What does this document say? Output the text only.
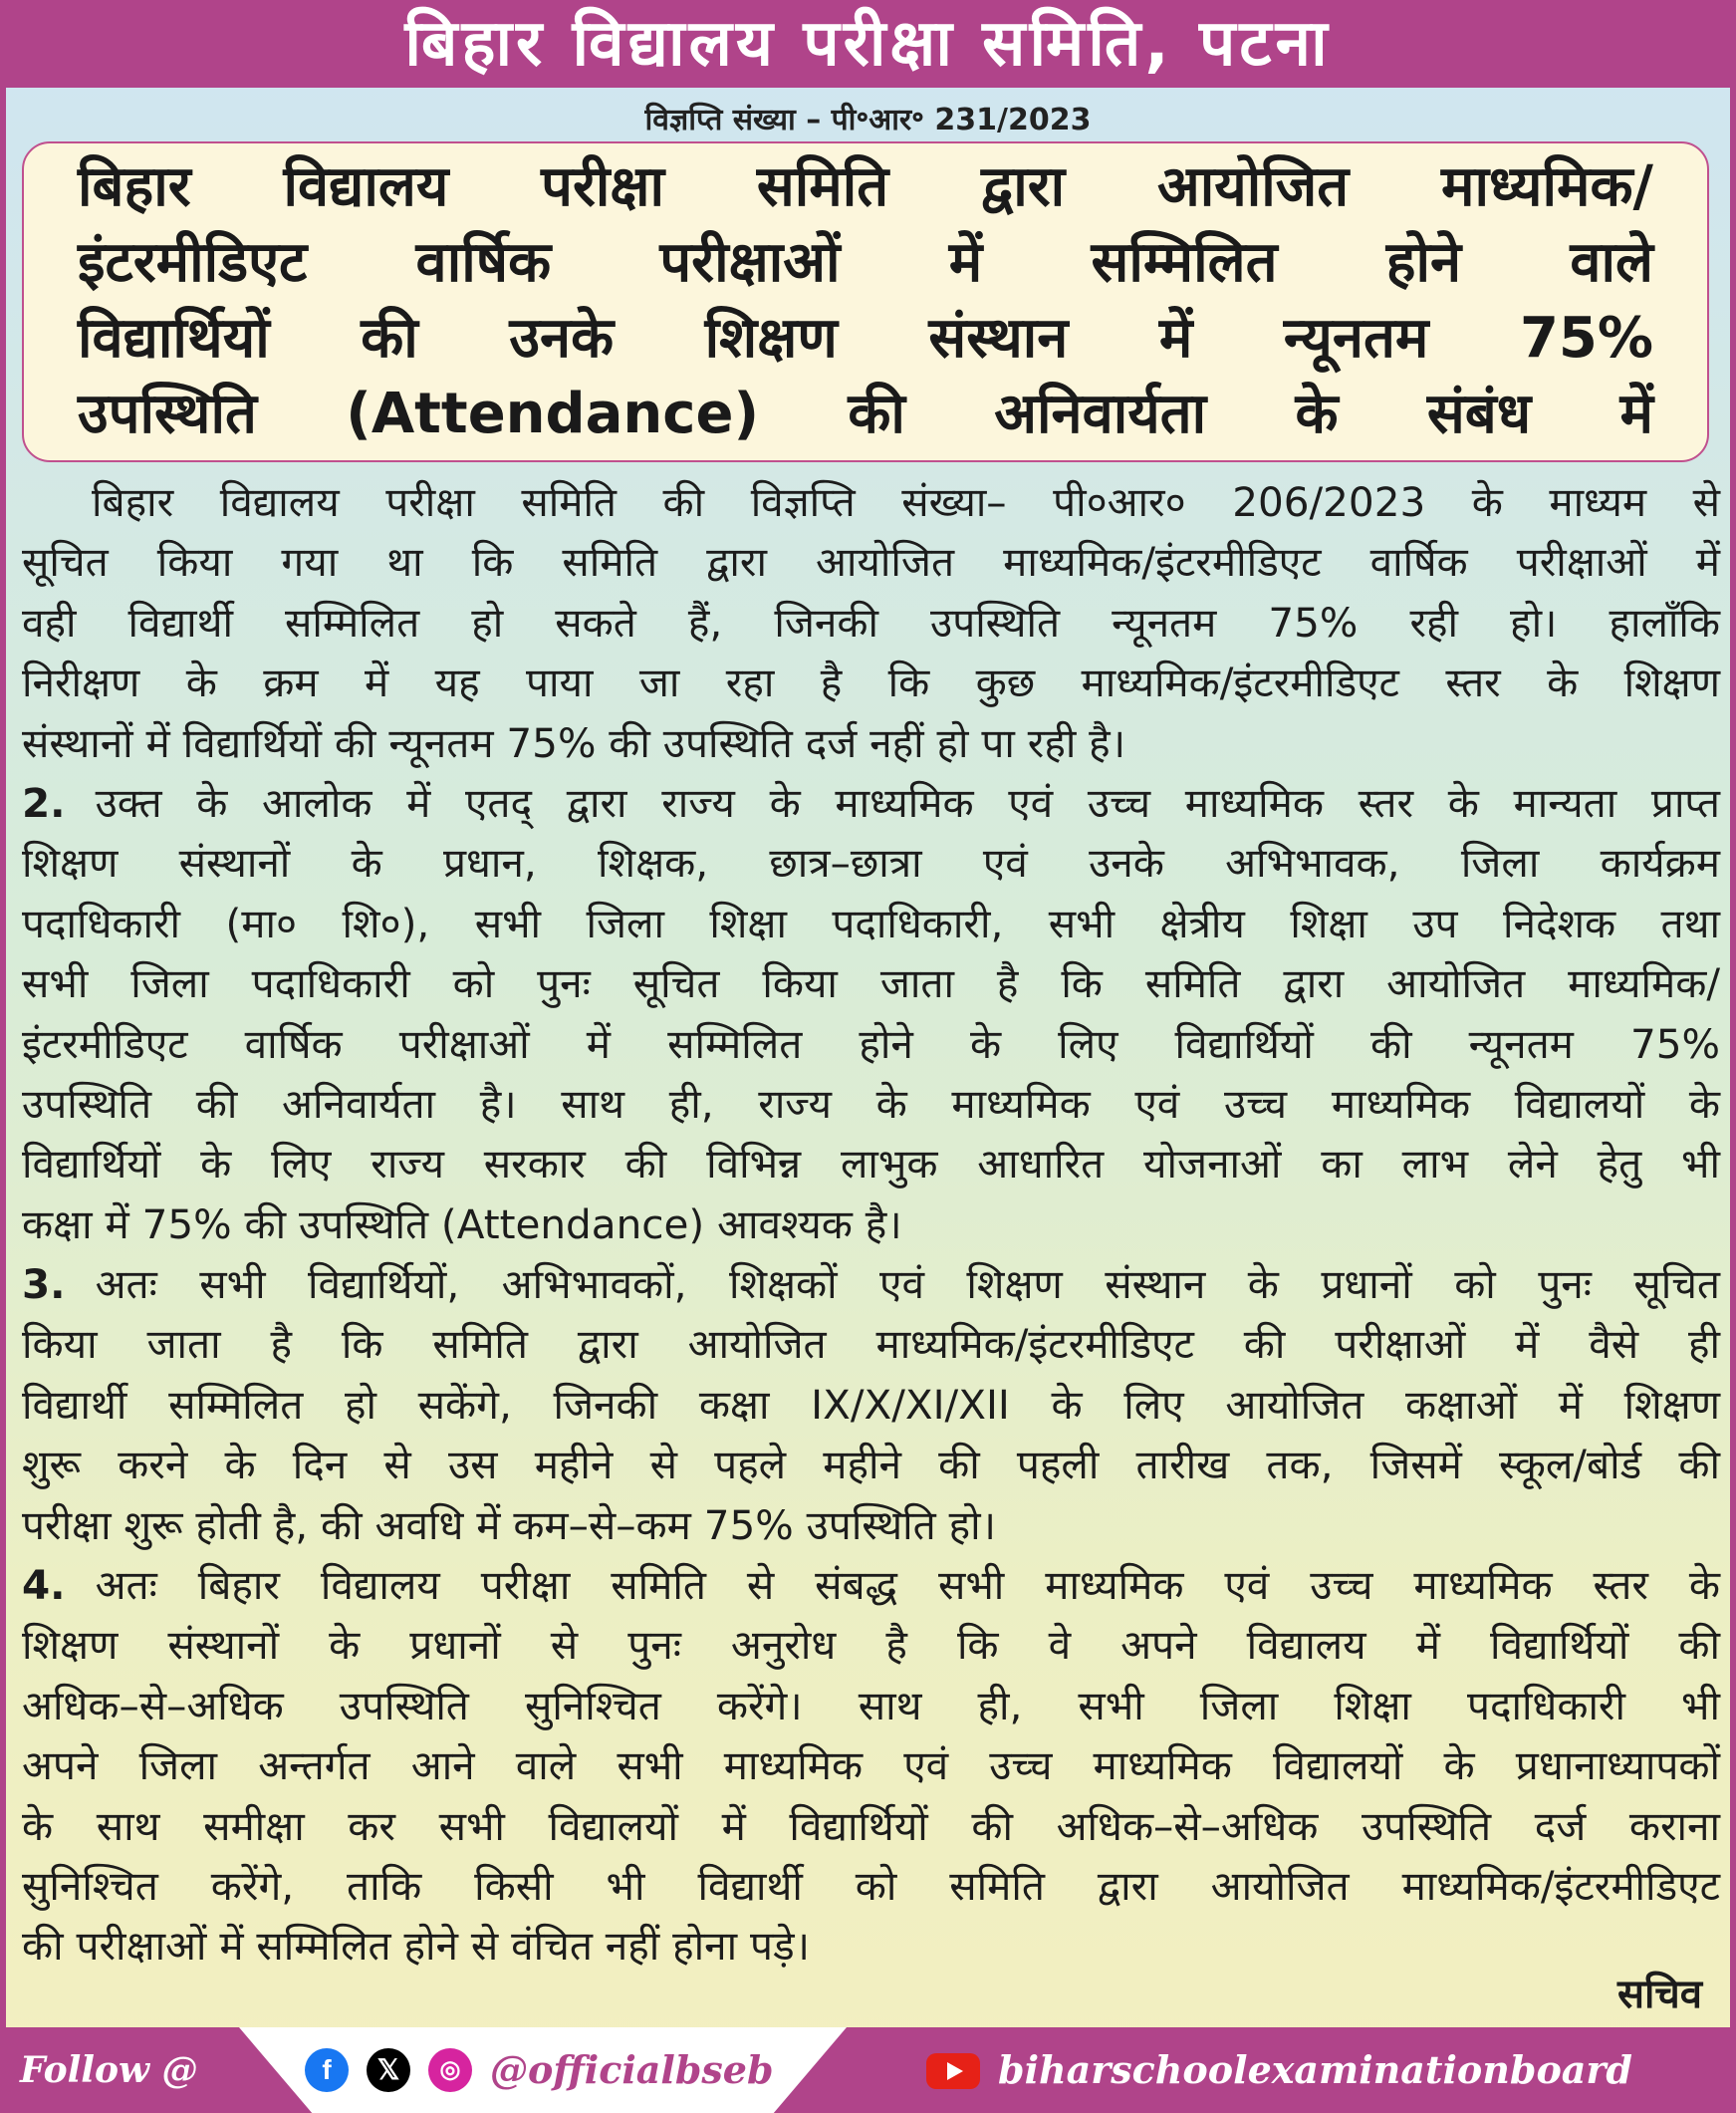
बिहार विद्यालय परीक्षा समिति, पटना
विज्ञप्ति संख्या – पी॰आर॰ 231/2023
बिहार विद्यालय परीक्षा समिति द्वारा आयोजित माध्यमिक/
इंटरमीडिएट वार्षिक परीक्षाओं में सम्मिलित होने वाले
विद्यार्थियों की उनके शिक्षण संस्थान में न्यूनतम 75%
उपस्थिति (Attendance) की अनिवार्यता के संबंध में
बिहार विद्यालय परीक्षा समिति की विज्ञप्ति संख्या– पी०आर० 206/2023 के माध्यम से
सूचित किया गया था कि समिति द्वारा आयोजित माध्यमिक/इंटरमीडिएट वार्षिक परीक्षाओं में
वही विद्यार्थी सम्मिलित हो सकते हैं, जिनकी उपस्थिति न्यूनतम 75% रही हो। हालाँकि
निरीक्षण के क्रम में यह पाया जा रहा है कि कुछ माध्यमिक/इंटरमीडिएट स्तर के शिक्षण
संस्थानों में विद्यार्थियों की न्यूनतम 75% की उपस्थिति दर्ज नहीं हो पा रही है।
2. उक्त के आलोक में एतद् द्वारा राज्य के माध्यमिक एवं उच्च माध्यमिक स्तर के मान्यता प्राप्त
शिक्षण संस्थानों के प्रधान, शिक्षक, छात्र–छात्रा एवं उनके अभिभावक, जिला कार्यक्रम
पदाधिकारी (मा० शि०), सभी जिला शिक्षा पदाधिकारी, सभी क्षेत्रीय शिक्षा उप निदेशक तथा
सभी जिला पदाधिकारी को पुनः सूचित किया जाता है कि समिति द्वारा आयोजित माध्यमिक/
इंटरमीडिएट वार्षिक परीक्षाओं में सम्मिलित होने के लिए विद्यार्थियों की न्यूनतम 75%
उपस्थिति की अनिवार्यता है। साथ ही, राज्य के माध्यमिक एवं उच्च माध्यमिक विद्यालयों के
विद्यार्थियों के लिए राज्य सरकार की विभिन्न लाभुक आधारित योजनाओं का लाभ लेने हेतु भी
कक्षा में 75% की उपस्थिति (Attendance) आवश्यक है।
3. अतः सभी विद्यार्थियों, अभिभावकों, शिक्षकों एवं शिक्षण संस्थान के प्रधानों को पुनः सूचित
किया जाता है कि समिति द्वारा आयोजित माध्यमिक/इंटरमीडिएट की परीक्षाओं में वैसे ही
विद्यार्थी सम्मिलित हो सकेंगे, जिनकी कक्षा IX/X/XI/XII के लिए आयोजित कक्षाओं में शिक्षण
शुरू करने के दिन से उस महीने से पहले महीने की पहली तारीख तक, जिसमें स्कूल/बोर्ड की
परीक्षा शुरू होती है, की अवधि में कम–से–कम 75% उपस्थिति हो।
4. अतः बिहार विद्यालय परीक्षा समिति से संबद्ध सभी माध्यमिक एवं उच्च माध्यमिक स्तर के
शिक्षण संस्थानों के प्रधानों से पुनः अनुरोध है कि वे अपने विद्यालय में विद्यार्थियों की
अधिक–से–अधिक उपस्थिति सुनिश्चित करेंगे। साथ ही, सभी जिला शिक्षा पदाधिकारी भी
अपने जिला अन्तर्गत आने वाले सभी माध्यमिक एवं उच्च माध्यमिक विद्यालयों के प्रधानाध्यापकों
के साथ समीक्षा कर सभी विद्यालयों में विद्यार्थियों की अधिक–से–अधिक उपस्थिति दर्ज कराना
सुनिश्चित करेंगे, ताकि किसी भी विद्यार्थी को समिति द्वारा आयोजित माध्यमिक/इंटरमीडिएट
की परीक्षाओं में सम्मिलित होने से वंचित नहीं होना पड़े।
सचिव
Follow @	f	𝕏	◎ @officialbseb	biharschoolexaminationboard
